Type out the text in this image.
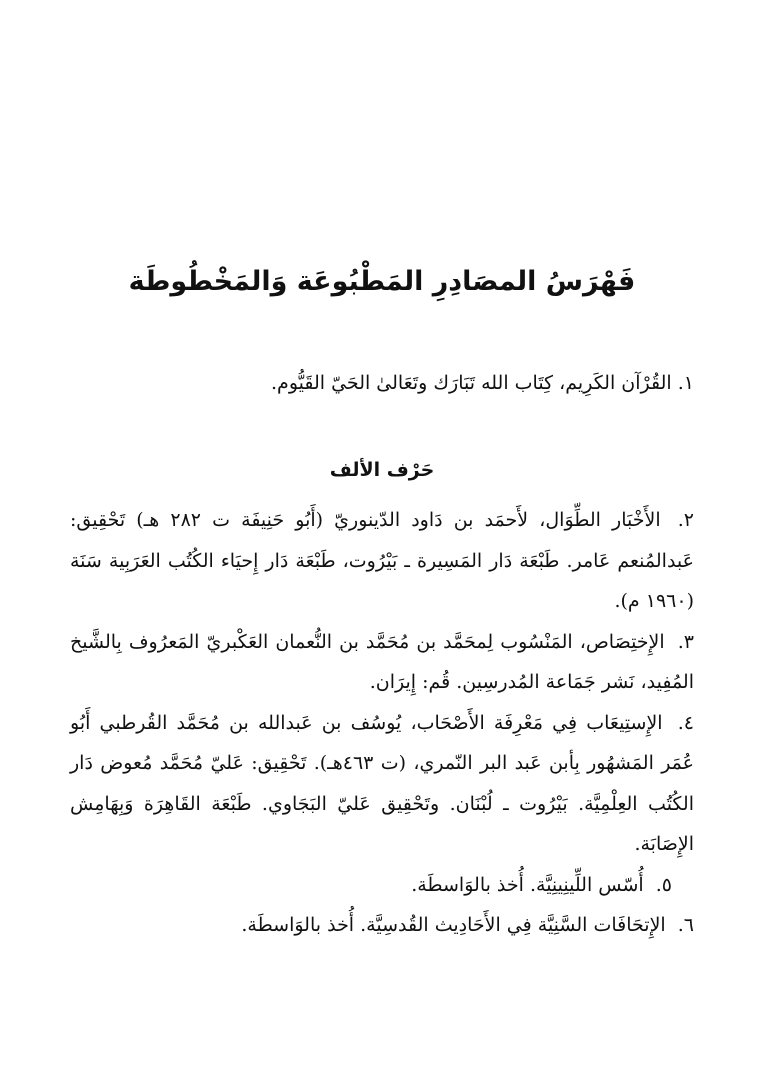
فَهْرَسُ المصَادِرِ المَطْبُوعَة وَالمَخْطُوطَة

١. القُرْآن الكَرِيم، كِتَاب الله تَبَارَك وتَعَالىٰ الحَيّ القَيُّوم.

حَرْف الألف
٢. الأَخْبَار الطِّوَال، لأَحمَد بن دَاود الدّينوريّ (أَبُو حَنِيفَة ت ٢٨٢ هـ) تَحْقِيق: عَبدالمُنعم عَامر. طَبْعَة دَار المَسِيرة ـ بَيْرُوت، طَبْعَة دَار إِحيَاء الكُتُب العَرَبِية سَنَة (١٩٦٠ م).
٣. الإِختِصَاص، المَنْسُوب لِمحَمَّد بن مُحَمَّد بن النُّعمان العَكْبريّ المَعرُوف بِالشَّيخ المُفِيد، نَشر جَمَاعة المُدرسِين. قُم: إِيرَان.
٤. الإِستِيعَاب فِي مَعْرِفَة الأَصْحَاب، يُوسُف بن عَبدالله بن مُحَمَّد القُرطبي أَبُو عُمَر المَشهُور بِأبن عَبد البر النّمري، (ت ٤٦٣هـ). تَحْقِيق: عَليّ مُحَمَّد مُعوض دَار الكُتُب العِلْمِيَّة. بَيْرُوت ـ لُبْنَان. وتَحْقِيق عَليّ البَجَاوي. طَبْعَة القَاهِرَة وَبِهَامِش الإِصَابَة.
٥. أُسّس اللِّينِينِيَّة. أُخذ بالوَاسطَة.
٦. الإِتحَافَات السَّنِيَّة فِي الأَحَادِيث القُدسِيَّة. أُخذ بالوَاسطَة.
